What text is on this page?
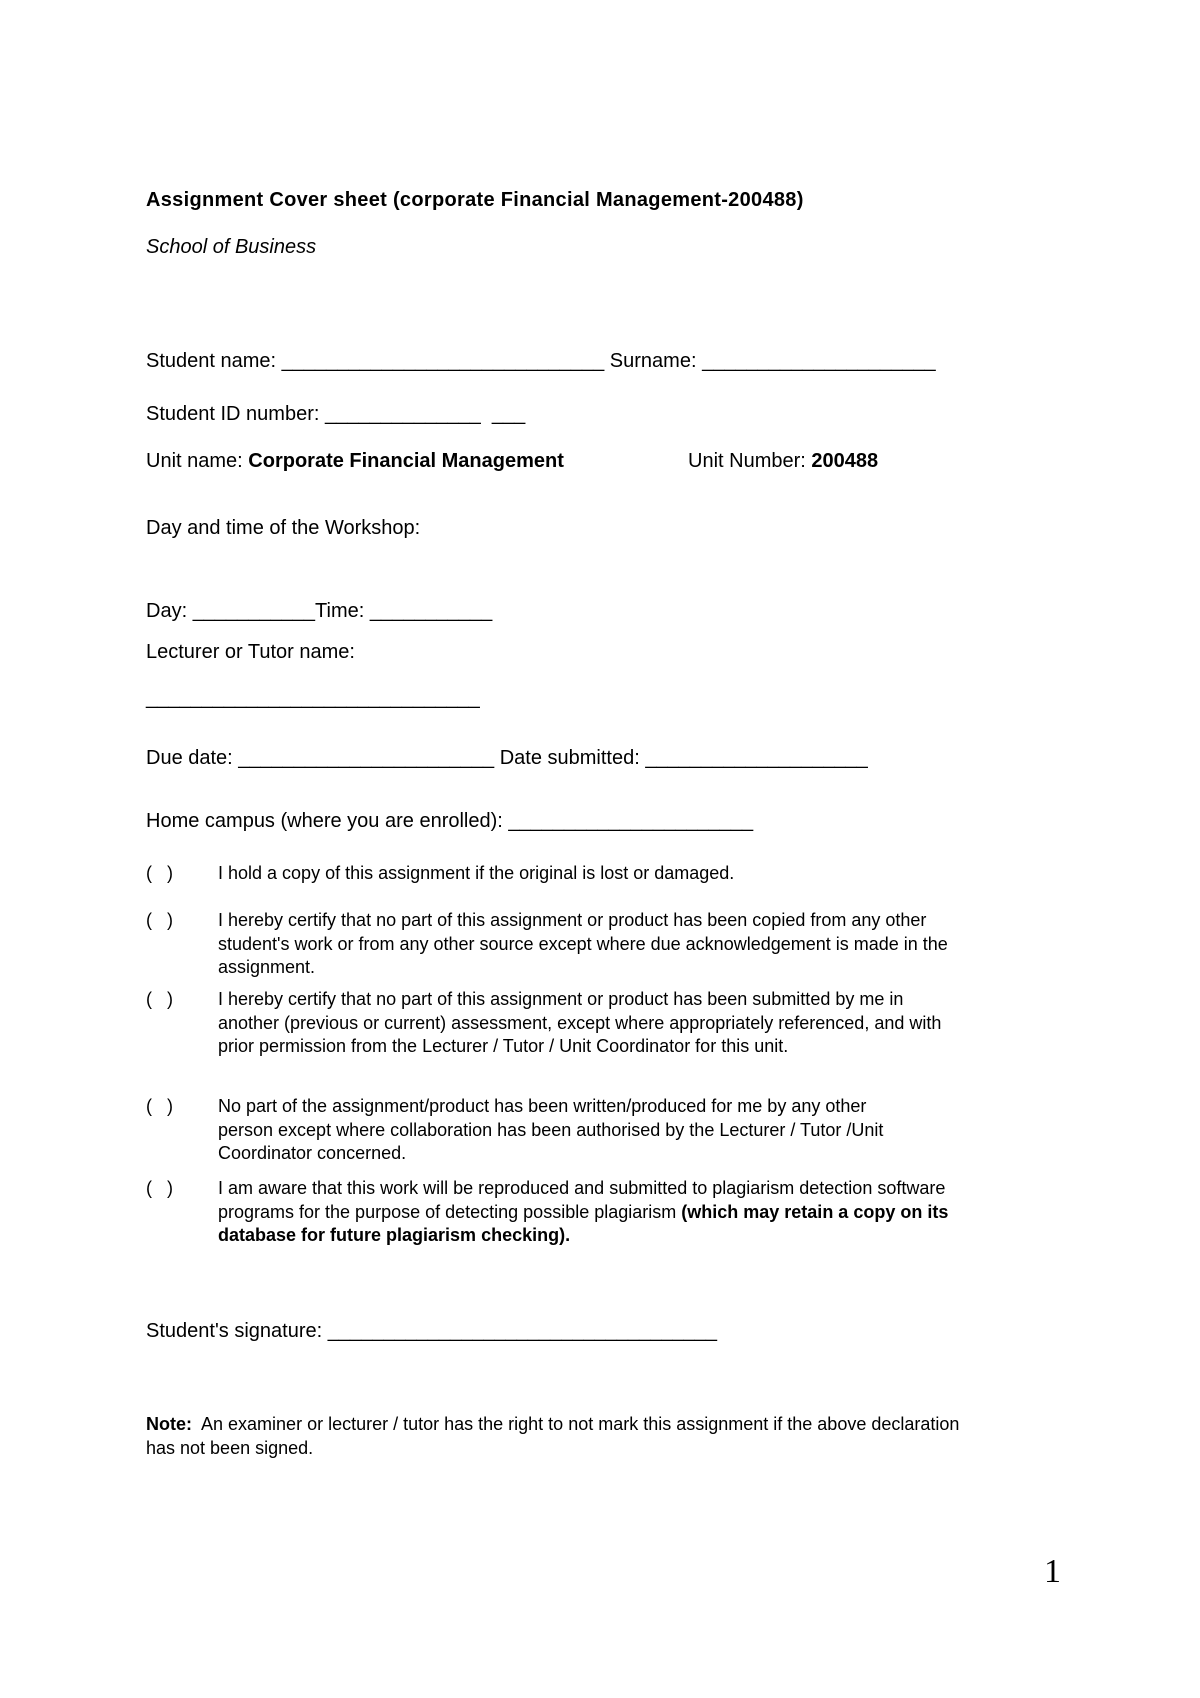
Assignment Cover sheet (corporate Financial Management-200488)
School of Business
Student name: _____________________________ Surname: _____________________
Student ID number: ______________  ___
Unit name: Corporate Financial Management	Unit Number: 200488
Day and time of the Workshop:
Day: ___________Time: ___________
Lecturer or Tutor name:
______________________________
Due date: _______________________ Date submitted: ____________________
Home campus (where you are enrolled): ______________________
(   )	I hold a copy of this assignment if the original is lost or damaged.
(   )	I hereby certify that no part of this assignment or product has been copied from any other student's work or from any other source except where due acknowledgement is made in the assignment.
(   )	I hereby certify that no part of this assignment or product has been submitted by me in another (previous or current) assessment, except where appropriately referenced, and with prior permission from the Lecturer / Tutor / Unit Coordinator for this unit.
(   )	No part of the assignment/product has been written/produced for me by any other person except where collaboration has been authorised by the Lecturer / Tutor /Unit Coordinator concerned.
(   )	I am aware that this work will be reproduced and submitted to plagiarism detection software programs for the purpose of detecting possible plagiarism (which may retain a copy on its database for future plagiarism checking).
Student's signature: ___________________________________
Note: An examiner or lecturer / tutor has the right to not mark this assignment if the above declaration has not been signed.
1
